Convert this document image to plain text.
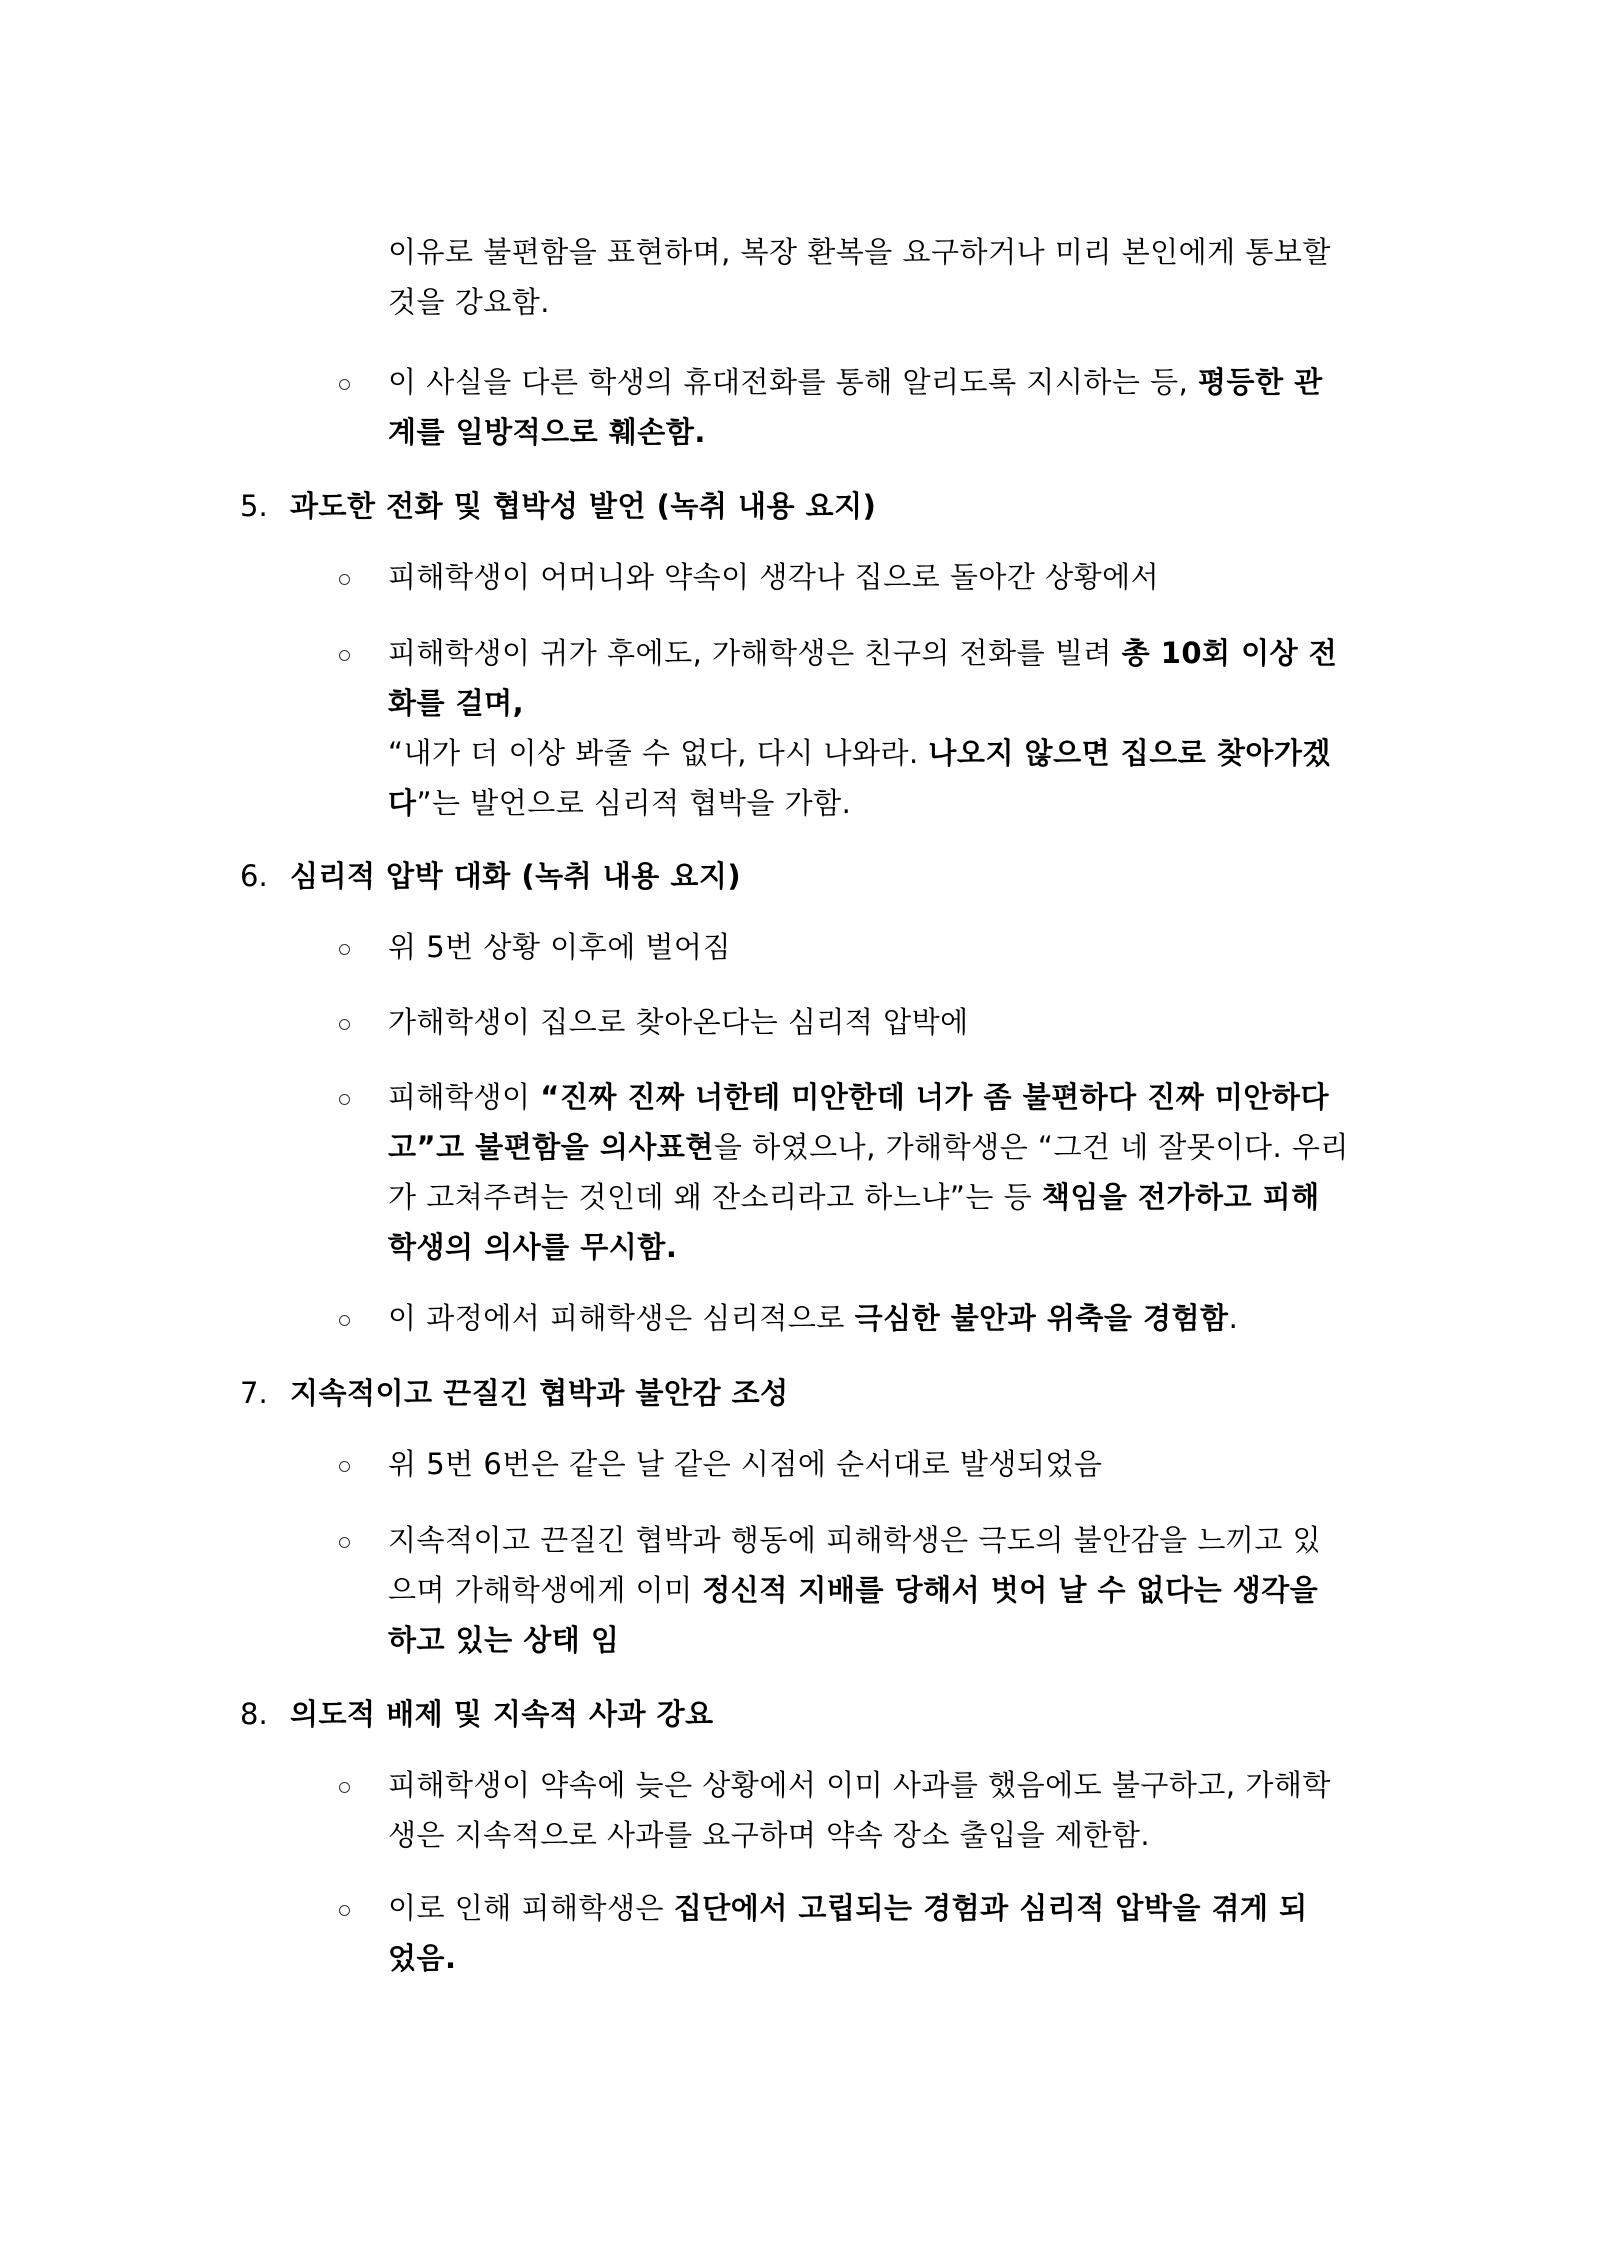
이유로 불편함을 표현하며, 복장 환복을 요구하거나 미리 본인에게 통보할
것을 강요함.
이 사실을 다른 학생의 휴대전화를 통해 알리도록 지시하는 등, 평등한 관
계를 일방적으로 훼손함.
5. 과도한 전화 및 협박성 발언 (녹취 내용 요지)
피해학생이 어머니와 약속이 생각나 집으로 돌아간 상황에서
피해학생이 귀가 후에도, 가해학생은 친구의 전화를 빌려 총 10회 이상 전
화를 걸며,
“내가 더 이상 봐줄 수 없다, 다시 나와라. 나오지 않으면 집으로 찾아가겠
다”는 발언으로 심리적 협박을 가함.
6. 심리적 압박 대화 (녹취 내용 요지)
위 5번 상황 이후에 벌어짐
가해학생이 집으로 찾아온다는 심리적 압박에
피해학생이 “진짜 진짜 너한테 미안한데 너가 좀 불편하다 진짜 미안하다
고”고 불편함을 의사표현을 하였으나, 가해학생은 “그건 네 잘못이다. 우리
가 고쳐주려는 것인데 왜 잔소리라고 하느냐”는 등 책임을 전가하고 피해
학생의 의사를 무시함.
이 과정에서 피해학생은 심리적으로 극심한 불안과 위축을 경험함.
7. 지속적이고 끈질긴 협박과 불안감 조성
위 5번 6번은 같은 날 같은 시점에 순서대로 발생되었음
지속적이고 끈질긴 협박과 행동에 피해학생은 극도의 불안감을 느끼고 있
으며 가해학생에게 이미 정신적 지배를 당해서 벗어 날 수 없다는 생각을
하고 있는 상태 임
8. 의도적 배제 및 지속적 사과 강요
피해학생이 약속에 늦은 상황에서 이미 사과를 했음에도 불구하고, 가해학
생은 지속적으로 사과를 요구하며 약속 장소 출입을 제한함.
이로 인해 피해학생은 집단에서 고립되는 경험과 심리적 압박을 겪게 되
었음.
